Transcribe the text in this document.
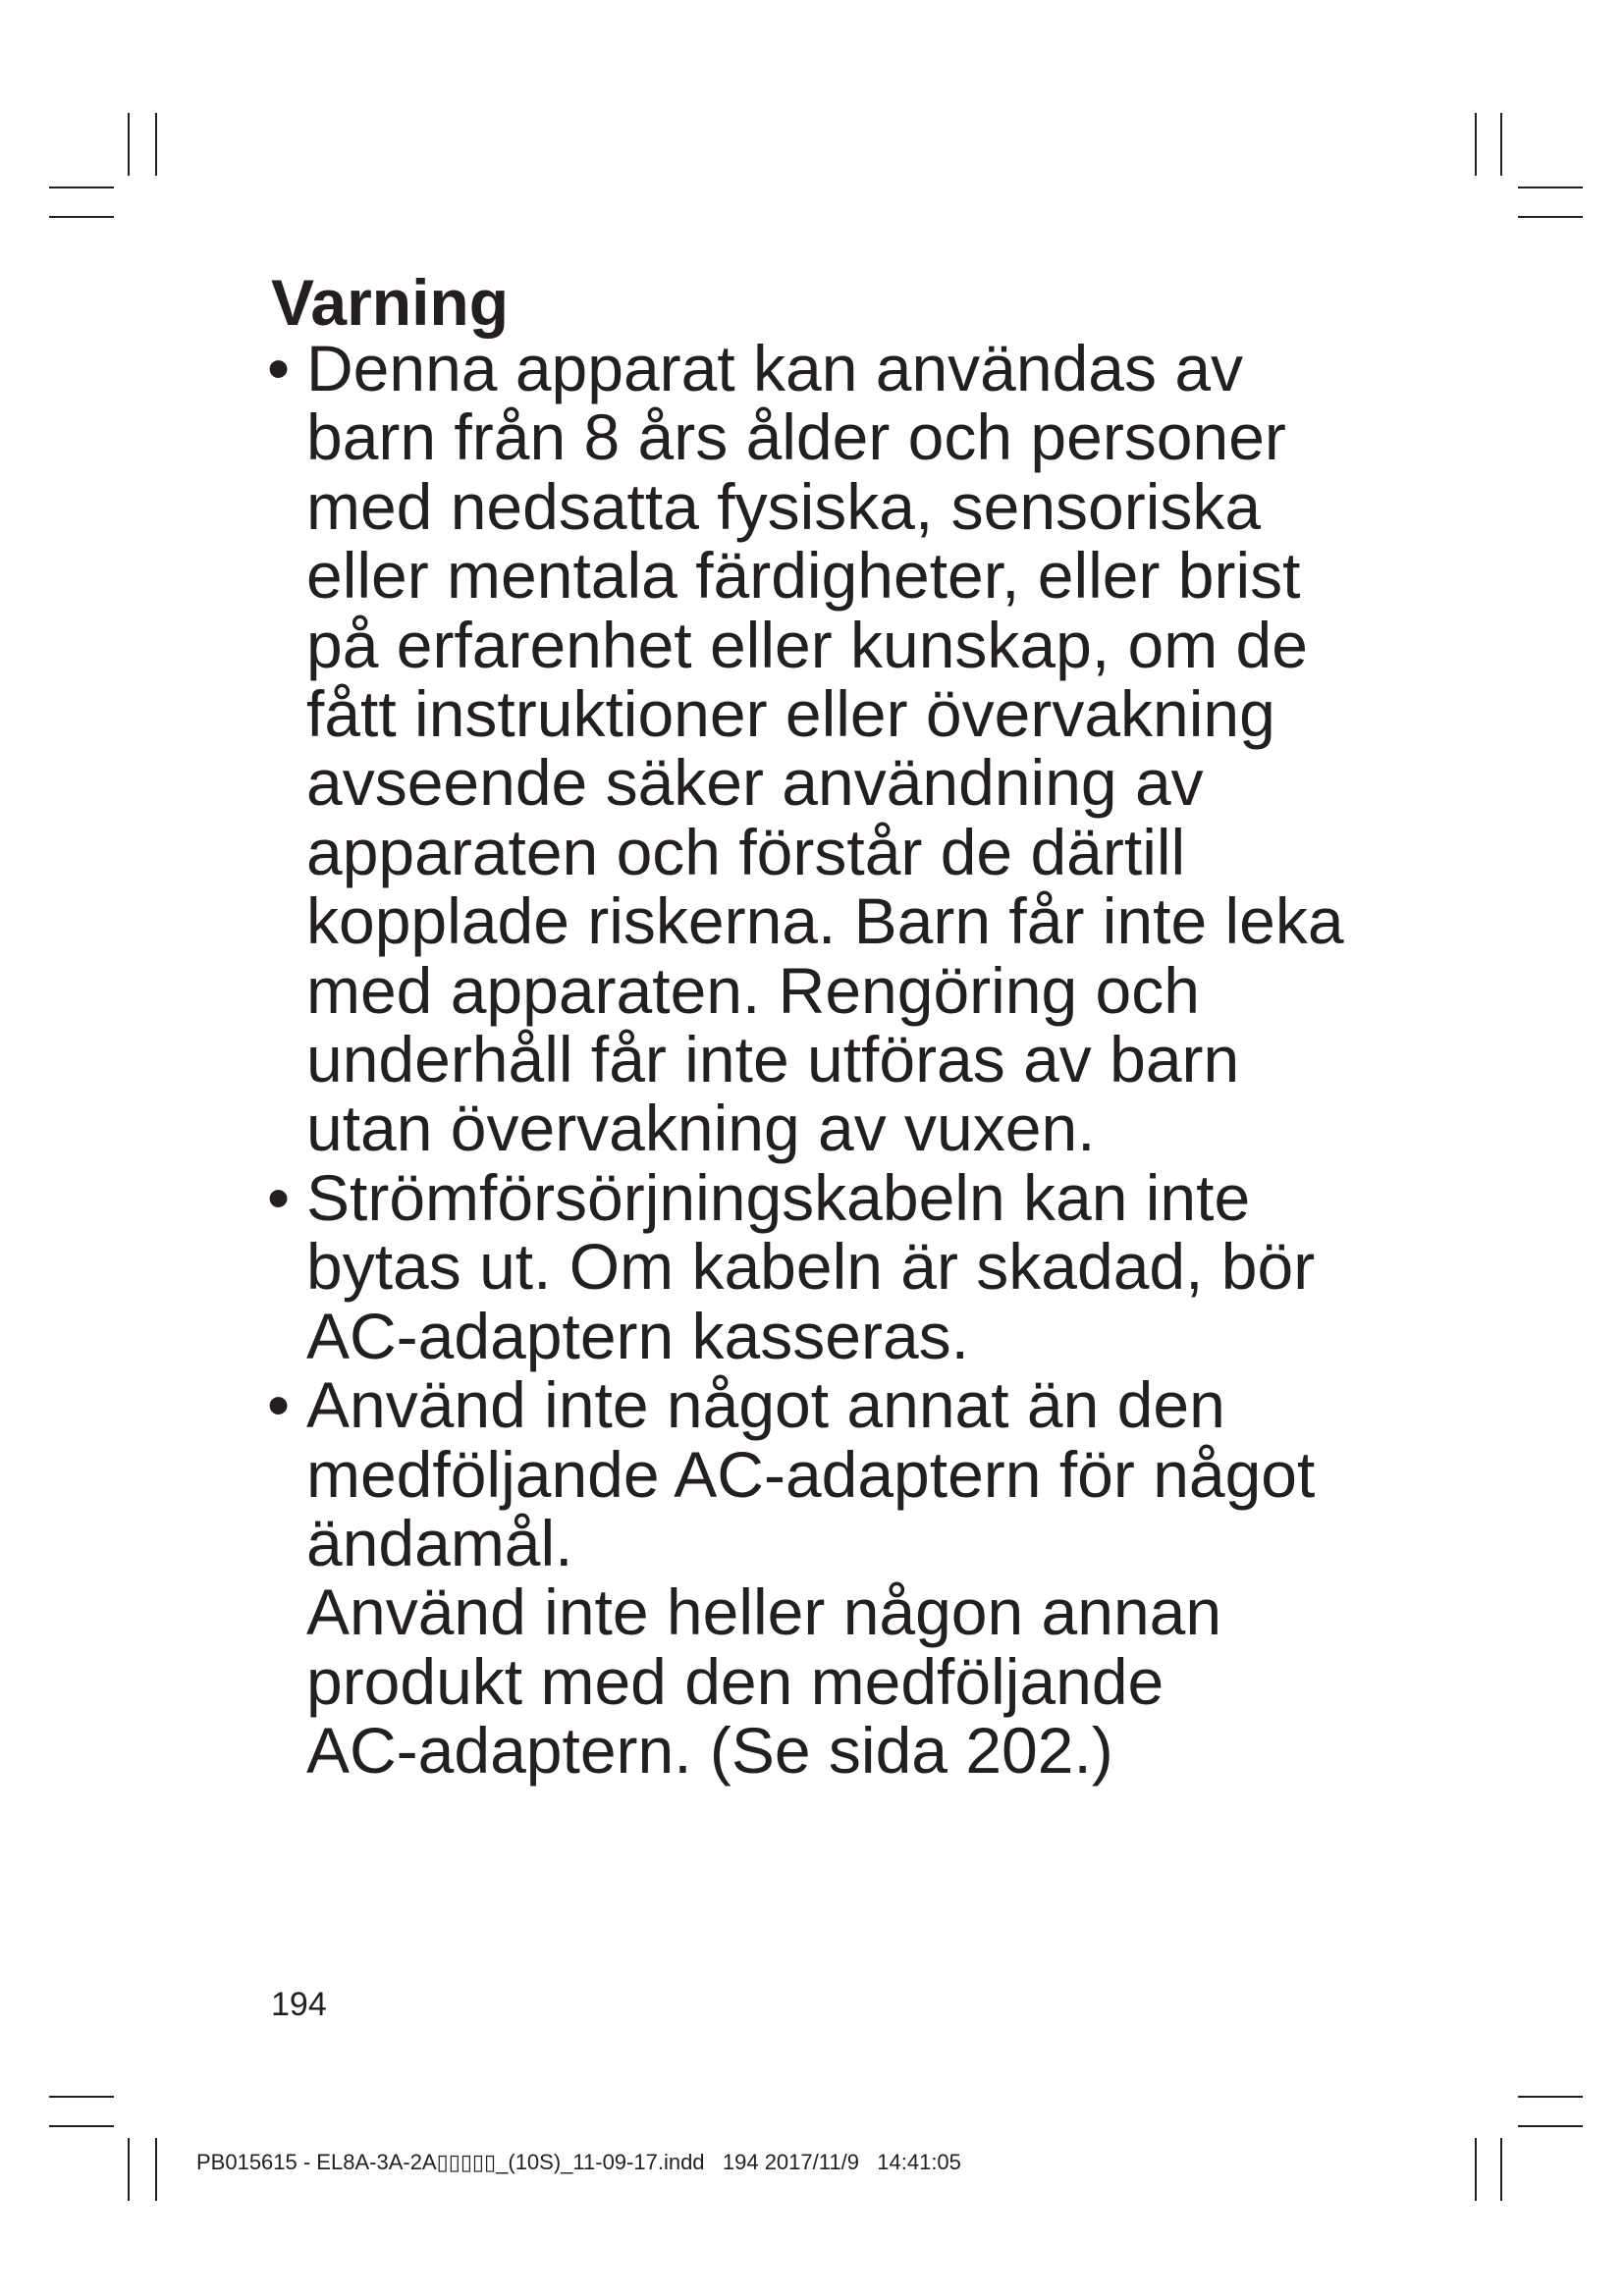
Varning
• Denna apparat kan användas av
barn från 8 års ålder och personer
med nedsatta fysiska, sensoriska
eller mentala färdigheter, eller brist
på erfarenhet eller kunskap, om de
fått instruktioner eller övervakning
avseende säker användning av
apparaten och förstår de därtill
kopplade riskerna. Barn får inte leka
med apparaten. Rengöring och
underhåll får inte utföras av barn
utan övervakning av vuxen.
• Strömförsörjningskabeln kan inte
bytas ut. Om kabeln är skadad, bör
AC-adaptern kasseras.
• Använd inte något annat än den
medföljande AC-adaptern för något
ändamål.
Använd inte heller någon annan
produkt med den medföljande
AC-adaptern. (Se sida 202.)
194
PB015615 - EL8A-3A-2A▯▯▯▯▯_(10S)_11-09-17.indd   194 2017/11/9   14:41:05
